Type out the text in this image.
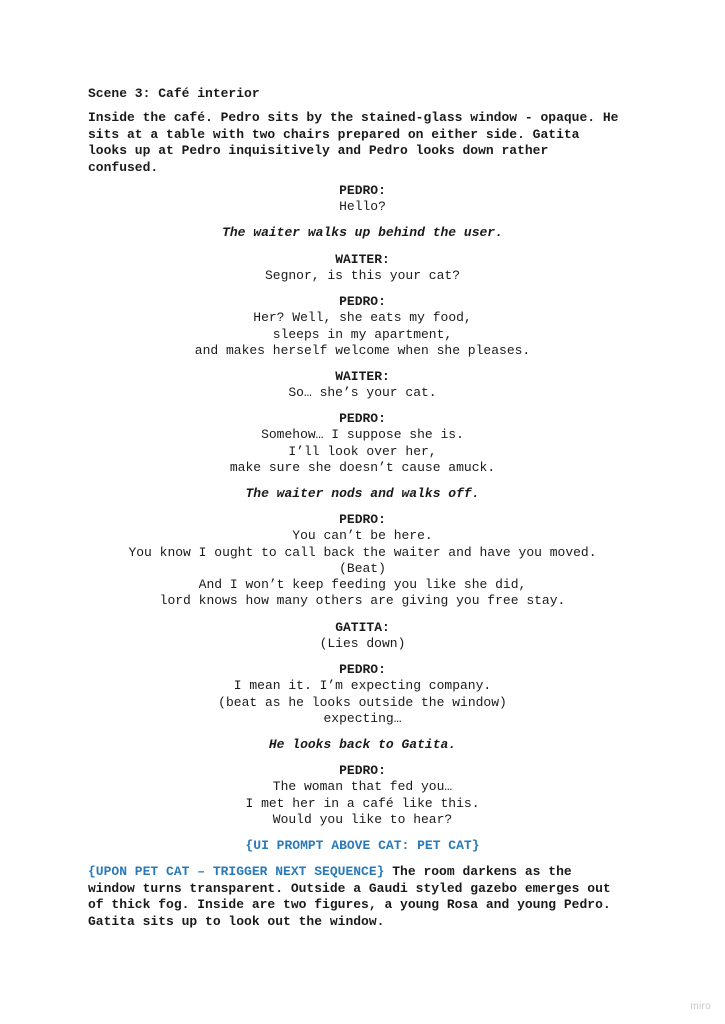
Scene 3: Café interior
Inside the café. Pedro sits by the stained-glass window - opaque. He
sits at a table with two chairs prepared on either side. Gatita
looks up at Pedro inquisitively and Pedro looks down rather
confused.
PEDRO:
Hello?
The waiter walks up behind the user.
WAITER:
Segnor, is this your cat?
PEDRO:
Her? Well, she eats my food,
sleeps in my apartment,
and makes herself welcome when she pleases.
WAITER:
So… she’s your cat.
PEDRO:
Somehow… I suppose she is.
I’ll look over her,
make sure she doesn’t cause amuck.
The waiter nods and walks off.
PEDRO:
You can’t be here.
You know I ought to call back the waiter and have you moved.
(Beat)
And I won’t keep feeding you like she did,
lord knows how many others are giving you free stay.
GATITA:
(Lies down)
PEDRO:
I mean it. I’m expecting company.
(beat as he looks outside the window)
expecting…
He looks back to Gatita.
PEDRO:
The woman that fed you…
I met her in a café like this.
Would you like to hear?
{UI PROMPT ABOVE CAT: PET CAT}
{UPON PET CAT – TRIGGER NEXT SEQUENCE} The room darkens as the
window turns transparent. Outside a Gaudi styled gazebo emerges out
of thick fog. Inside are two figures, a young Rosa and young Pedro.
Gatita sits up to look out the window.
miro
